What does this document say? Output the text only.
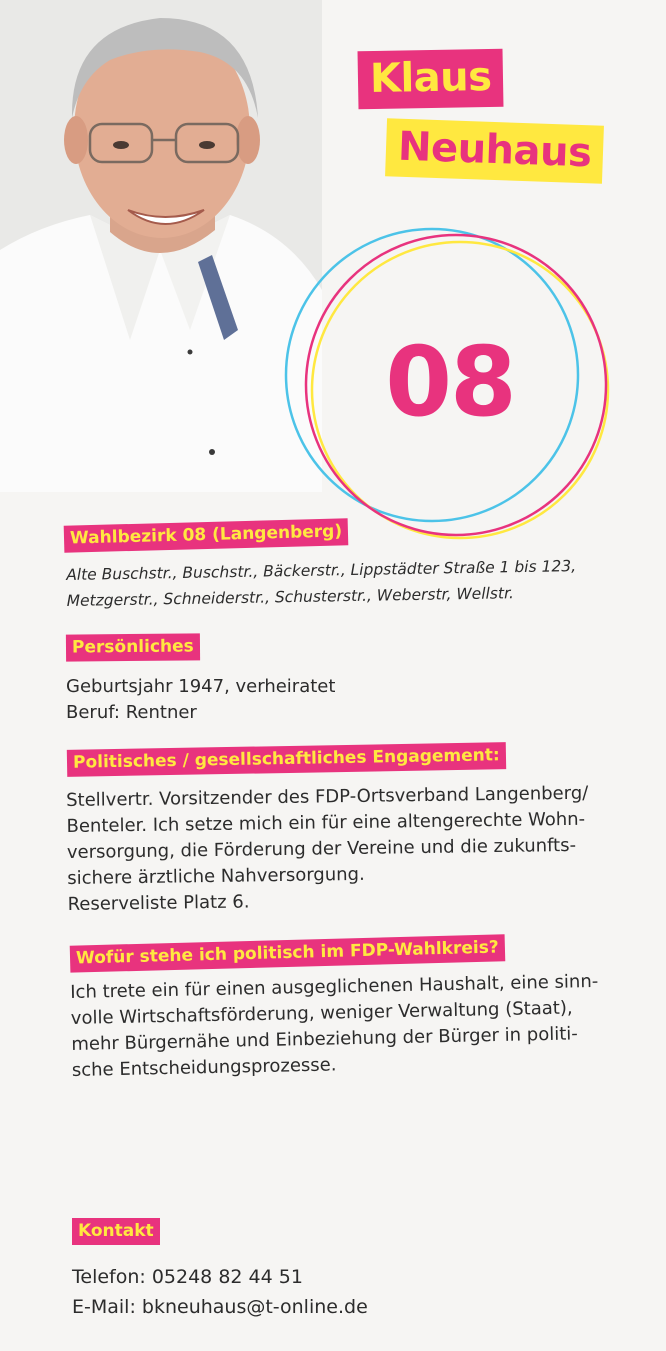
Klaus
Neuhaus
08
Wahlbezirk 08 (Langenberg)
Alte Buschstr., Buschstr., Bäckerstr., Lippstädter Straße 1 bis 123,
Metzgerstr., Schneiderstr., Schusterstr., Weberstr, Wellstr.
Persönliches
Geburtsjahr 1947, verheiratet
Beruf: Rentner
Politisches / gesellschaftliches Engagement:
Stellvertr. Vorsitzender des FDP-Ortsverband Langenberg/
Benteler. Ich setze mich ein für eine altengerechte Wohn-
versorgung, die Förderung der Vereine und die zukunfts-
sichere ärztliche Nahversorgung.
Reserveliste Platz 6.
Wofür stehe ich politisch im FDP-Wahlkreis?
Ich trete ein für einen ausgeglichenen Haushalt, eine sinn-
volle Wirtschaftsförderung, weniger Verwaltung (Staat),
mehr Bürgernähe und Einbeziehung der Bürger in politi-
sche Entscheidungsprozesse.
Kontakt
Telefon: 05248 82 44 51
E-Mail: bkneuhaus@t-online.de
